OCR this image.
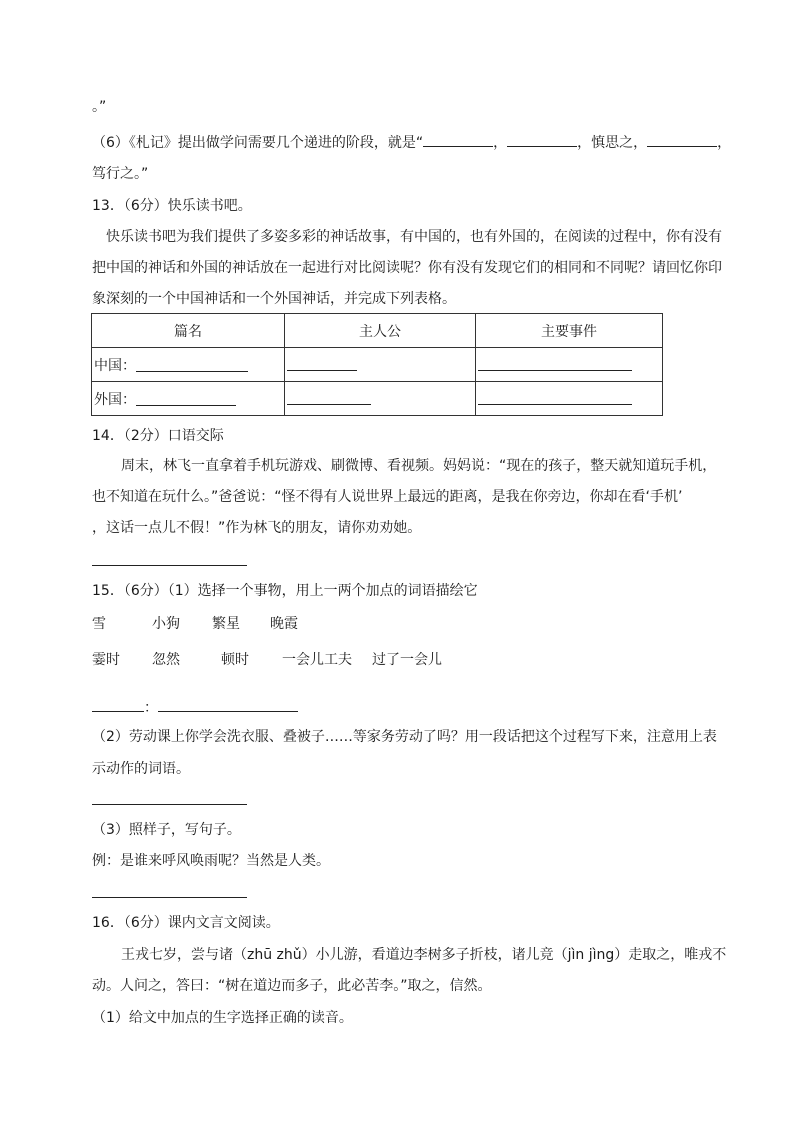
。”
（6）《札记》提出做学问需要几个递进的阶段，就是“	，	，慎思之，	，
笃行之。”
13．（6分）快乐读书吧。
快乐读书吧为我们提供了多姿多彩的神话故事，有中国的，也有外国的，在阅读的过程中，你有没有
把中国的神话和外国的神话放在一起进行对比阅读呢？你有没有发现它们的相同和不同呢？请回忆你印
象深刻的一个中国神话和一个外国神话，并完成下列表格。
篇名	主人公	主要事件
中国：		
外国：		
14．（2分）口语交际
周末，林飞一直拿着手机玩游戏、刷微博、看视频。妈妈说：“现在的孩子，整天就知道玩手机，
也不知道在玩什么。”爸爸说：“怪不得有人说世界上最远的距离，是我在你旁边，你却在看‘手机’
，这话一点儿不假！”作为林飞的朋友，请你劝劝她。
15．（6分）（1）选择一个事物，用上一两个加点的词语描绘它
雪	小狗 繁星 晚霞
霎时 忽然	顿时 一会儿工夫 过了一会儿
：
（2）劳动课上你学会洗衣服、叠被子……等家务劳动了吗？用一段话把这个过程写下来，注意用上表
示动作的词语。
（3）照样子，写句子。
例：是谁来呼风唤雨呢？当然是人类。
16．（6分）课内文言文阅读。
王戎七岁，尝与诸（zhū zhǔ）小儿游，看道边李树多子折枝，诸儿竞（jìn jìng）走取之，唯戎不
动。人问之，答曰：“树在道边而多子，此必苦李。”取之，信然。
（1）给文中加点的生字选择正确的读音。
